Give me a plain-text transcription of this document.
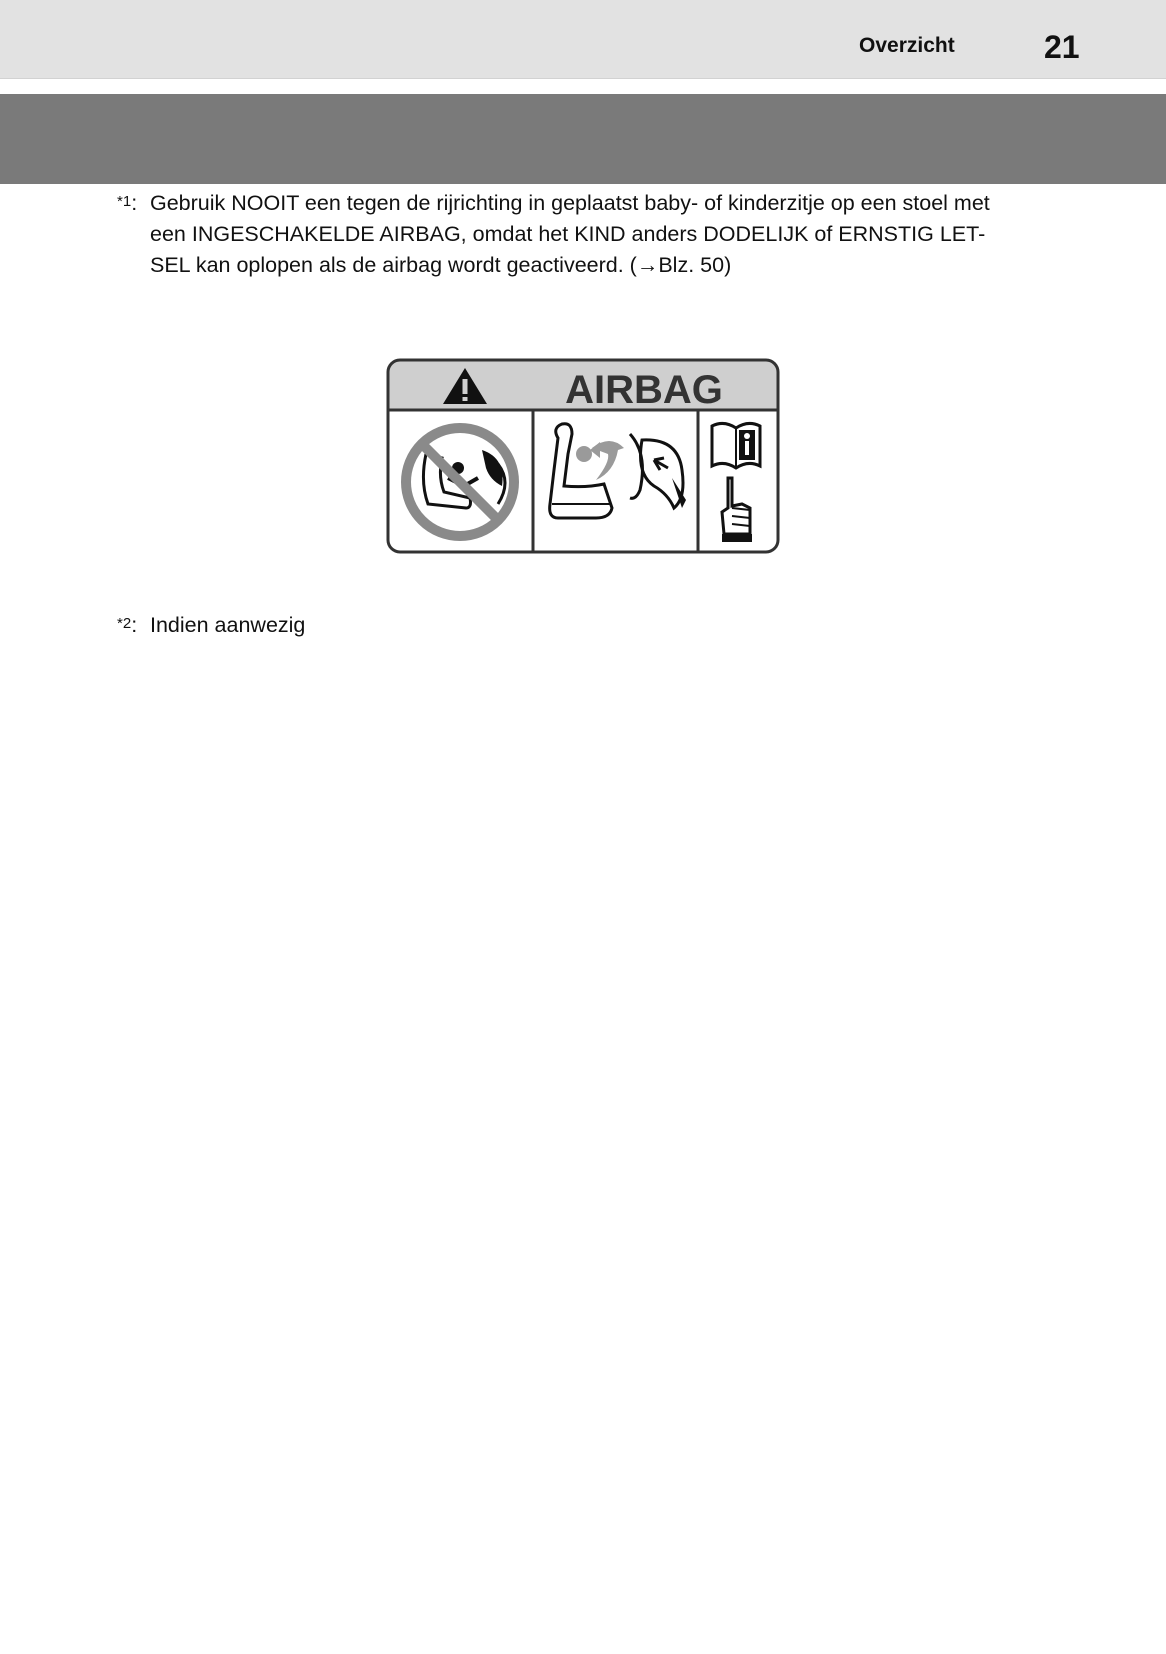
Overzicht	21
$^{*1}$: Gebruik NOOIT een tegen de rijrichting in geplaatst baby- of kinderzitje op een stoel met een INGESCHAKELDE AIRBAG, omdat het KIND anders DODELIJK of ERNSTIG LET-SEL kan oplopen als de airbag wordt geactiveerd. (→Blz. 50)
AIRBAG
$^{*2}$: Indien aanwezig
